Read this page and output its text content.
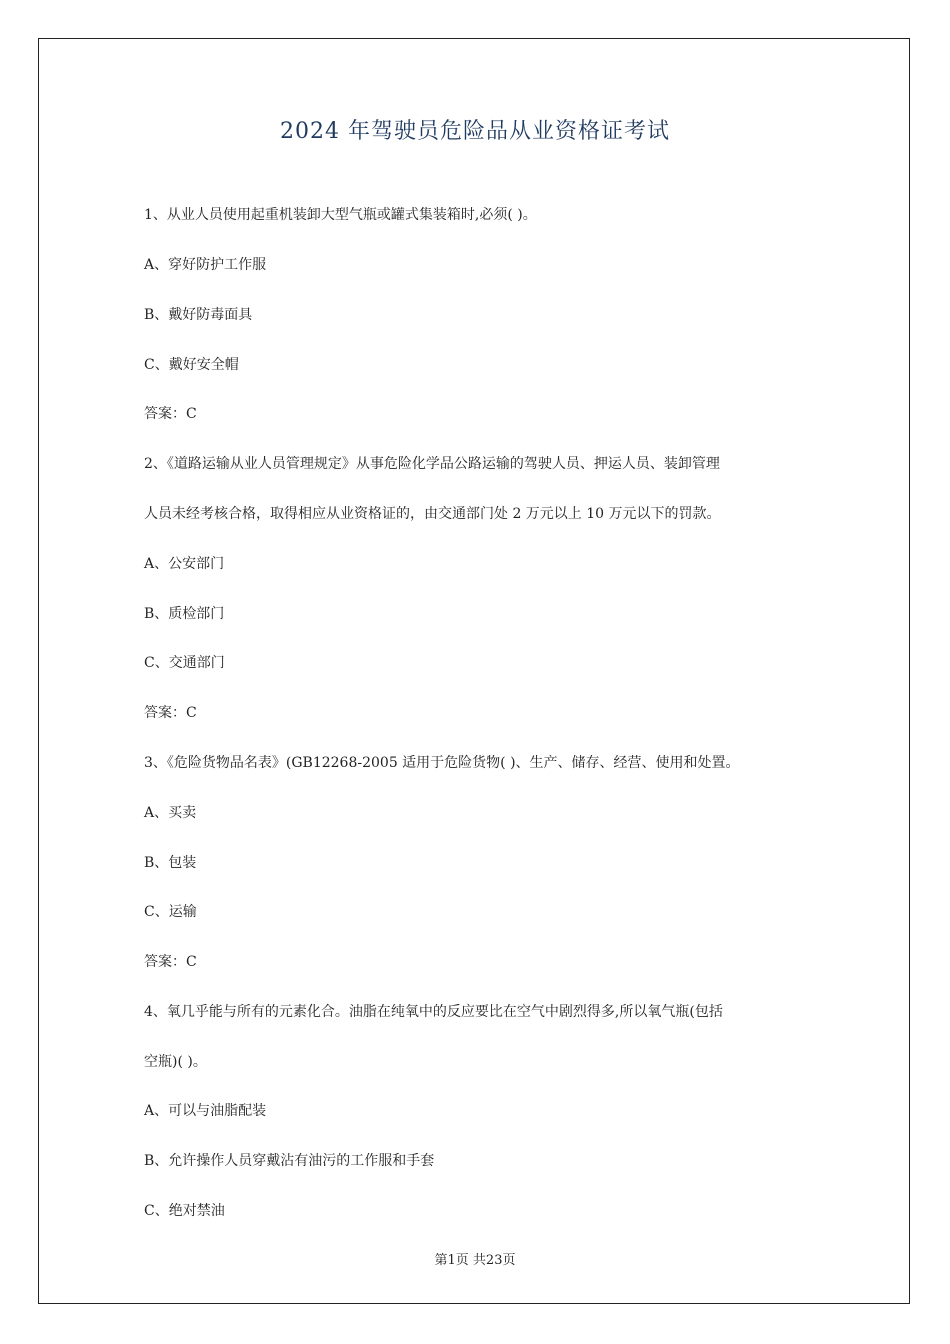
2024 年驾驶员危险品从业资格证考试
1、从业人员使用起重机装卸大型气瓶或罐式集装箱时,必须( )。
A、穿好防护工作服
B、戴好防毒面具
C、戴好安全帽
答案：C
2、《道路运输从业人员管理规定》从事危险化学品公路运输的驾驶人员、押运人员、装卸管理
人员未经考核合格，取得相应从业资格证的，由交通部门处 2 万元以上 10 万元以下的罚款。
A、公安部门
B、质检部门
C、交通部门
答案：C
3、《危险货物品名表》(GB12268-2005 适用于危险货物( )、生产、储存、经营、使用和处置。
A、买卖
B、包装
C、运输
答案：C
4、氧几乎能与所有的元素化合。油脂在纯氧中的反应要比在空气中剧烈得多,所以氧气瓶(包括
空瓶)( )。
A、可以与油脂配装
B、允许操作人员穿戴沾有油污的工作服和手套
C、绝对禁油
第1页 共23页
